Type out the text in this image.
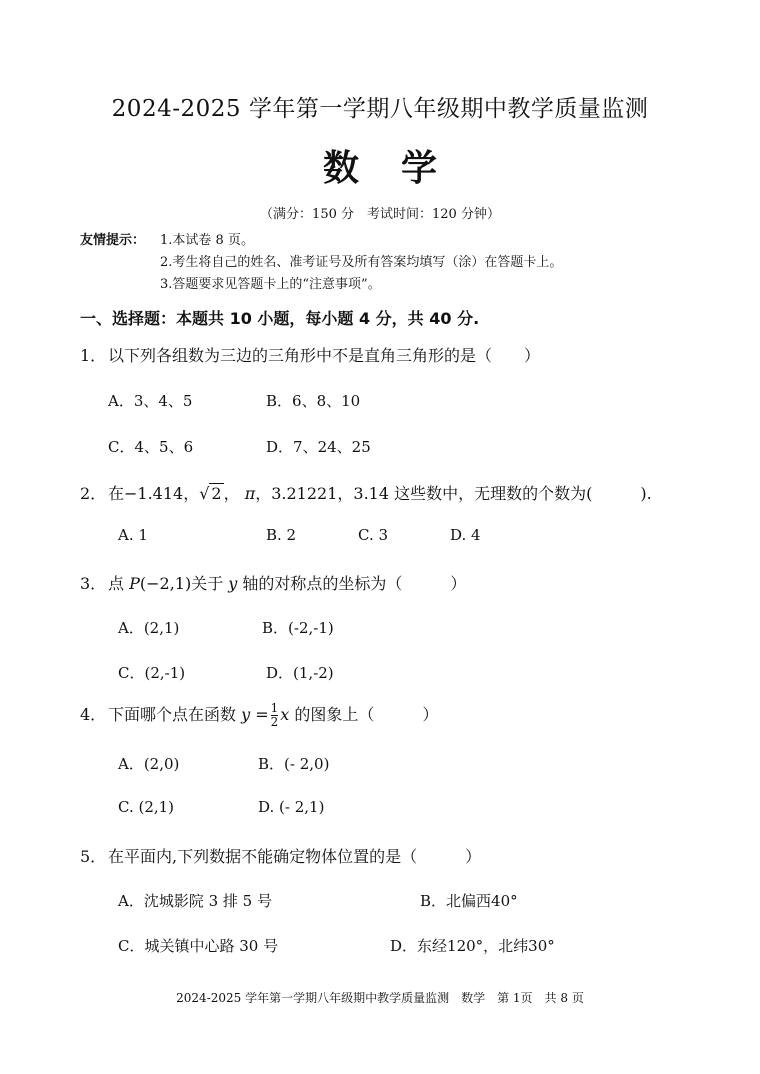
2024-2025 学年第一学期八年级期中教学质量监测
数学
（满分：150 分　考试时间：120 分钟）
友情提示： 1.本试卷 8 页。
2.考生将自己的姓名、准考证号及所有答案均填写（涂）在答题卡上。
3.答题要求见答题卡上的“注意事项”。
一、选择题：本题共 10 小题，每小题 4 分，共 40 分.
1． 以下列各组数为三边的三角形中不是直角三角形的是（　　）
A．3、4、5	B．6、8、10
C．4、5、6	D．7、24、25
2． 在−1.414，√ 2 ， π，3.21221，3.14 这些数中，无理数的个数为(　　　).
A. 1	B. 2	C. 3	D. 4
3． 点 P(−2,1)关于 y 轴的对称点的坐标为（　　　）
A．(2,1)	B．(-2,-1)
C．(2,-1)	D．(1,-2)
4． 下面哪个点在函数 $y = \frac{1}{2}$ x 的图象上（　　　）
A．(2,0)	B．(- 2,0)
C. (2,1)	D. (- 2,1)
5． 在平面内,下列数据不能确定物体位置的是（　　　）
A．沈城影院 3 排 5 号	B．北偏西40°
C．城关镇中心路 30 号	D．东经120°，北纬30°
2024-2025 学年第一学期八年级期中教学质量监测　数学　第 1页　共 8 页
